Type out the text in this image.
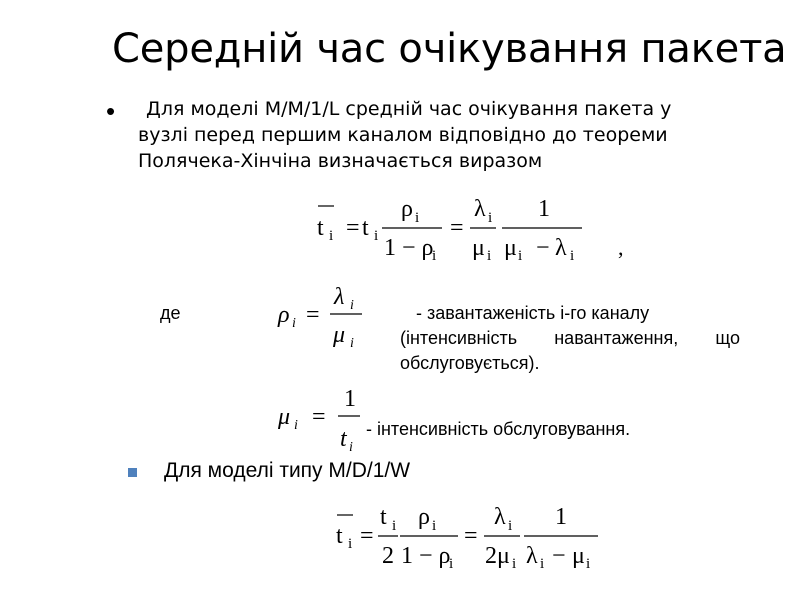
Середній час очікування пакета
• Для моделі M/M/1/L средній час очікування пакета у
вузлі перед першим каналом відповідно до теореми
Полячека-Хінчіна визначається виразом
t i = t i
ρ i
1 − ρ
i
=
λ i
μ i
1
μ i − λ i ,
де	ρ i =
λ i
μ i
- завантаженість і-го каналу
(інтенсивність навантаження, що
обслуговується).
μ i =
1
t i
- інтенсивність обслуговування.
Для моделі типу M/D/1/W
t i =
t i
2
ρ i
1 − ρ
i
=
λ i
2μ i
1
λ i − μ i
